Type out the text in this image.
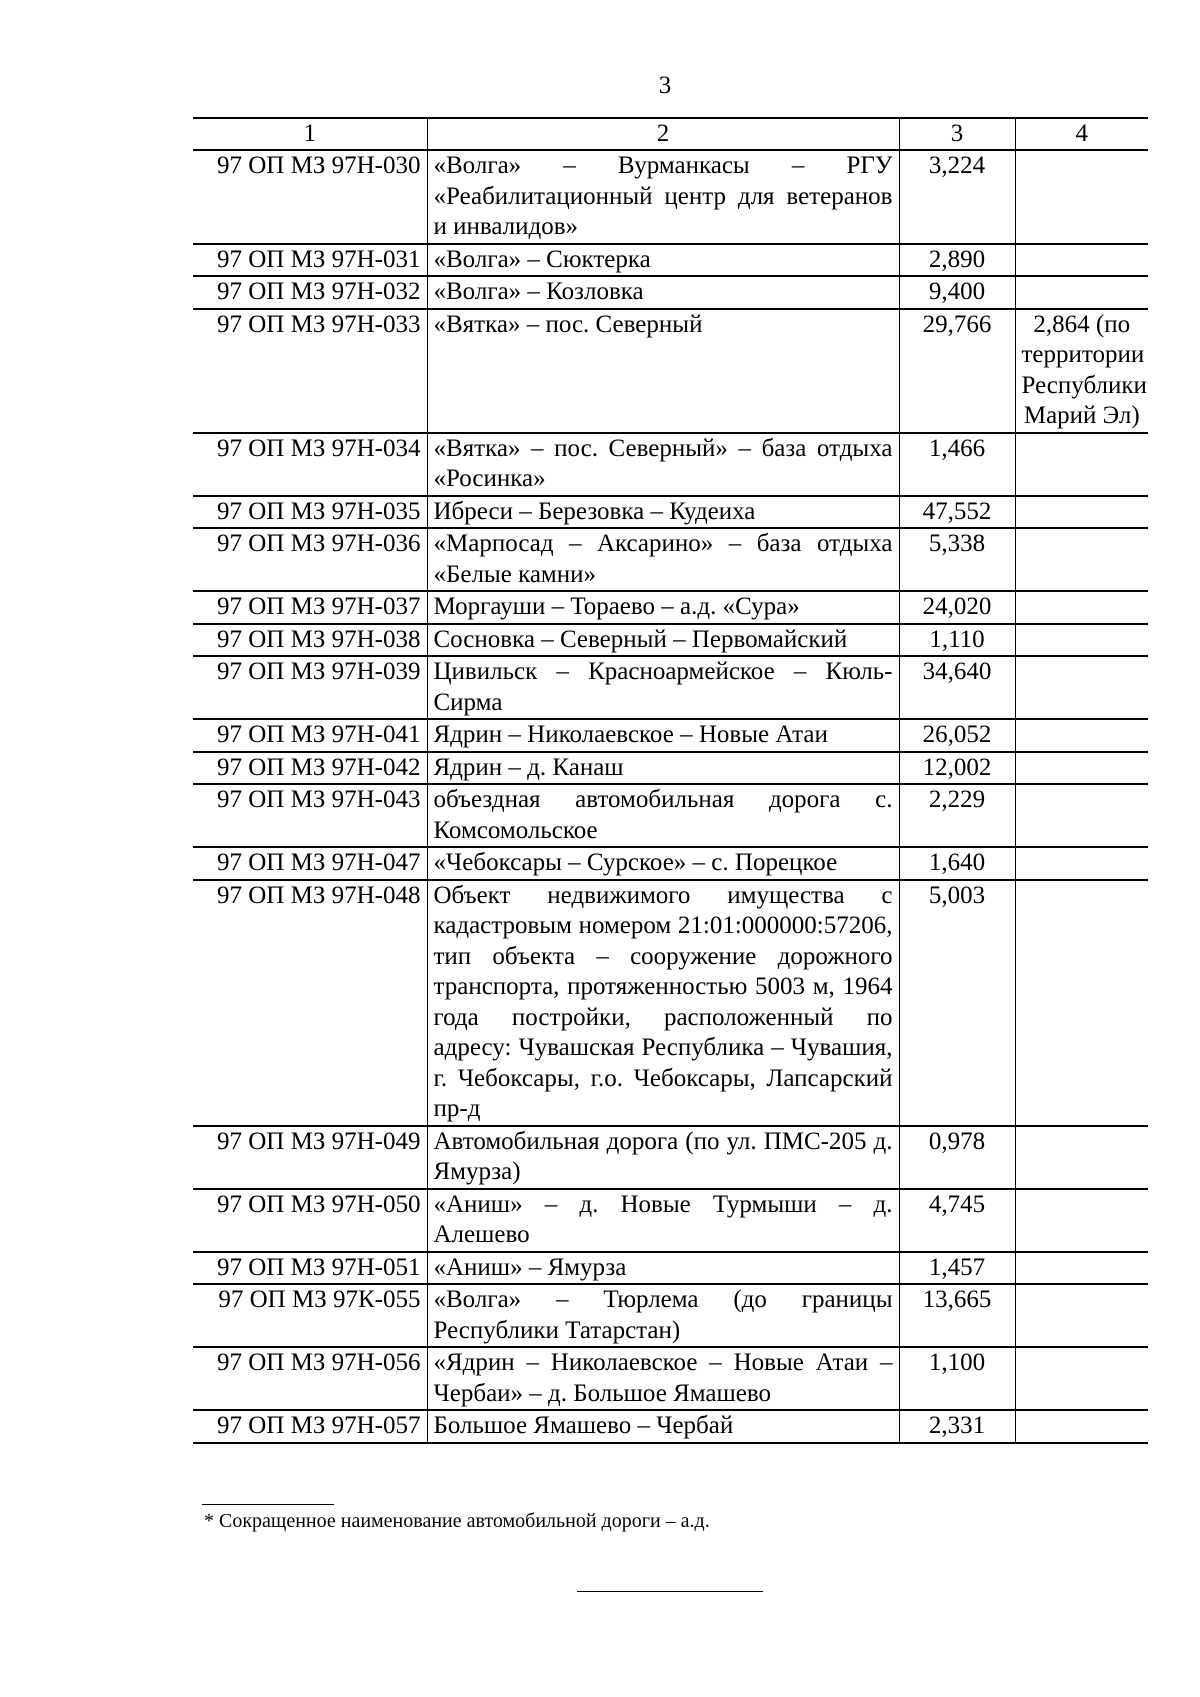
3
1	2	3	4
97 ОП МЗ 97Н-030	«Волга» – Вурманкасы – РГУ «Реабилитационный центр для ветеранов и инвалидов»	3,224	
97 ОП МЗ 97Н-031	«Волга» – Сюктерка	2,890	
97 ОП МЗ 97Н-032	«Волга» – Козловка	9,400	
97 ОП МЗ 97Н-033	«Вятка» – пос. Северный	29,766	2,864 (по территории Республики Марий Эл)
97 ОП МЗ 97Н-034	«Вятка» – пос. Северный» – база отдыха «Росинка»	1,466	
97 ОП МЗ 97Н-035	Ибреси – Березовка – Кудеиха	47,552	
97 ОП МЗ 97Н-036	«Марпосад – Аксарино» – база отдыха «Белые камни»	5,338	
97 ОП МЗ 97Н-037	Моргауши – Тораево – а.д. «Сура»	24,020	
97 ОП МЗ 97Н-038	Сосновка – Северный – Первомайский	1,110	
97 ОП МЗ 97Н-039	Цивильск – Красноармейское – Кюль-Сирма	34,640	
97 ОП МЗ 97Н-041	Ядрин – Николаевское – Новые Атаи	26,052	
97 ОП МЗ 97Н-042	Ядрин – д. Канаш	12,002	
97 ОП МЗ 97Н-043	объездная автомобильная дорога с. Комсомольское	2,229	
97 ОП МЗ 97Н-047	«Чебоксары – Сурское» – с. Порецкое	1,640	
97 ОП МЗ 97Н-048	Объект недвижимого имущества с кадастровым номером 21:01:000000:57206, тип объекта – сооружение дорожного транспорта, протяженностью 5003 м, 1964 года постройки, расположенный по адресу: Чувашская Республика – Чувашия, г. Чебоксары, г.о. Чебоксары, Лапсарский пр-д	5,003	
97 ОП МЗ 97Н-049	Автомобильная дорога (по ул. ПМС-205 д. Ямурза)	0,978	
97 ОП МЗ 97Н-050	«Аниш» – д. Новые Турмыши – д. Алешево	4,745	
97 ОП МЗ 97Н-051	«Аниш» – Ямурза	1,457	
97 ОП МЗ 97К-055	«Волга» – Тюрлема (до границы Республики Татарстан)	13,665	
97 ОП МЗ 97Н-056	«Ядрин – Николаевское – Новые Атаи – Чербаи» – д. Большое Ямашево	1,100	
97 ОП МЗ 97Н-057	Большое Ямашево – Чербай	2,331	
* Сокращенное наименование автомобильной дороги – а.д.
